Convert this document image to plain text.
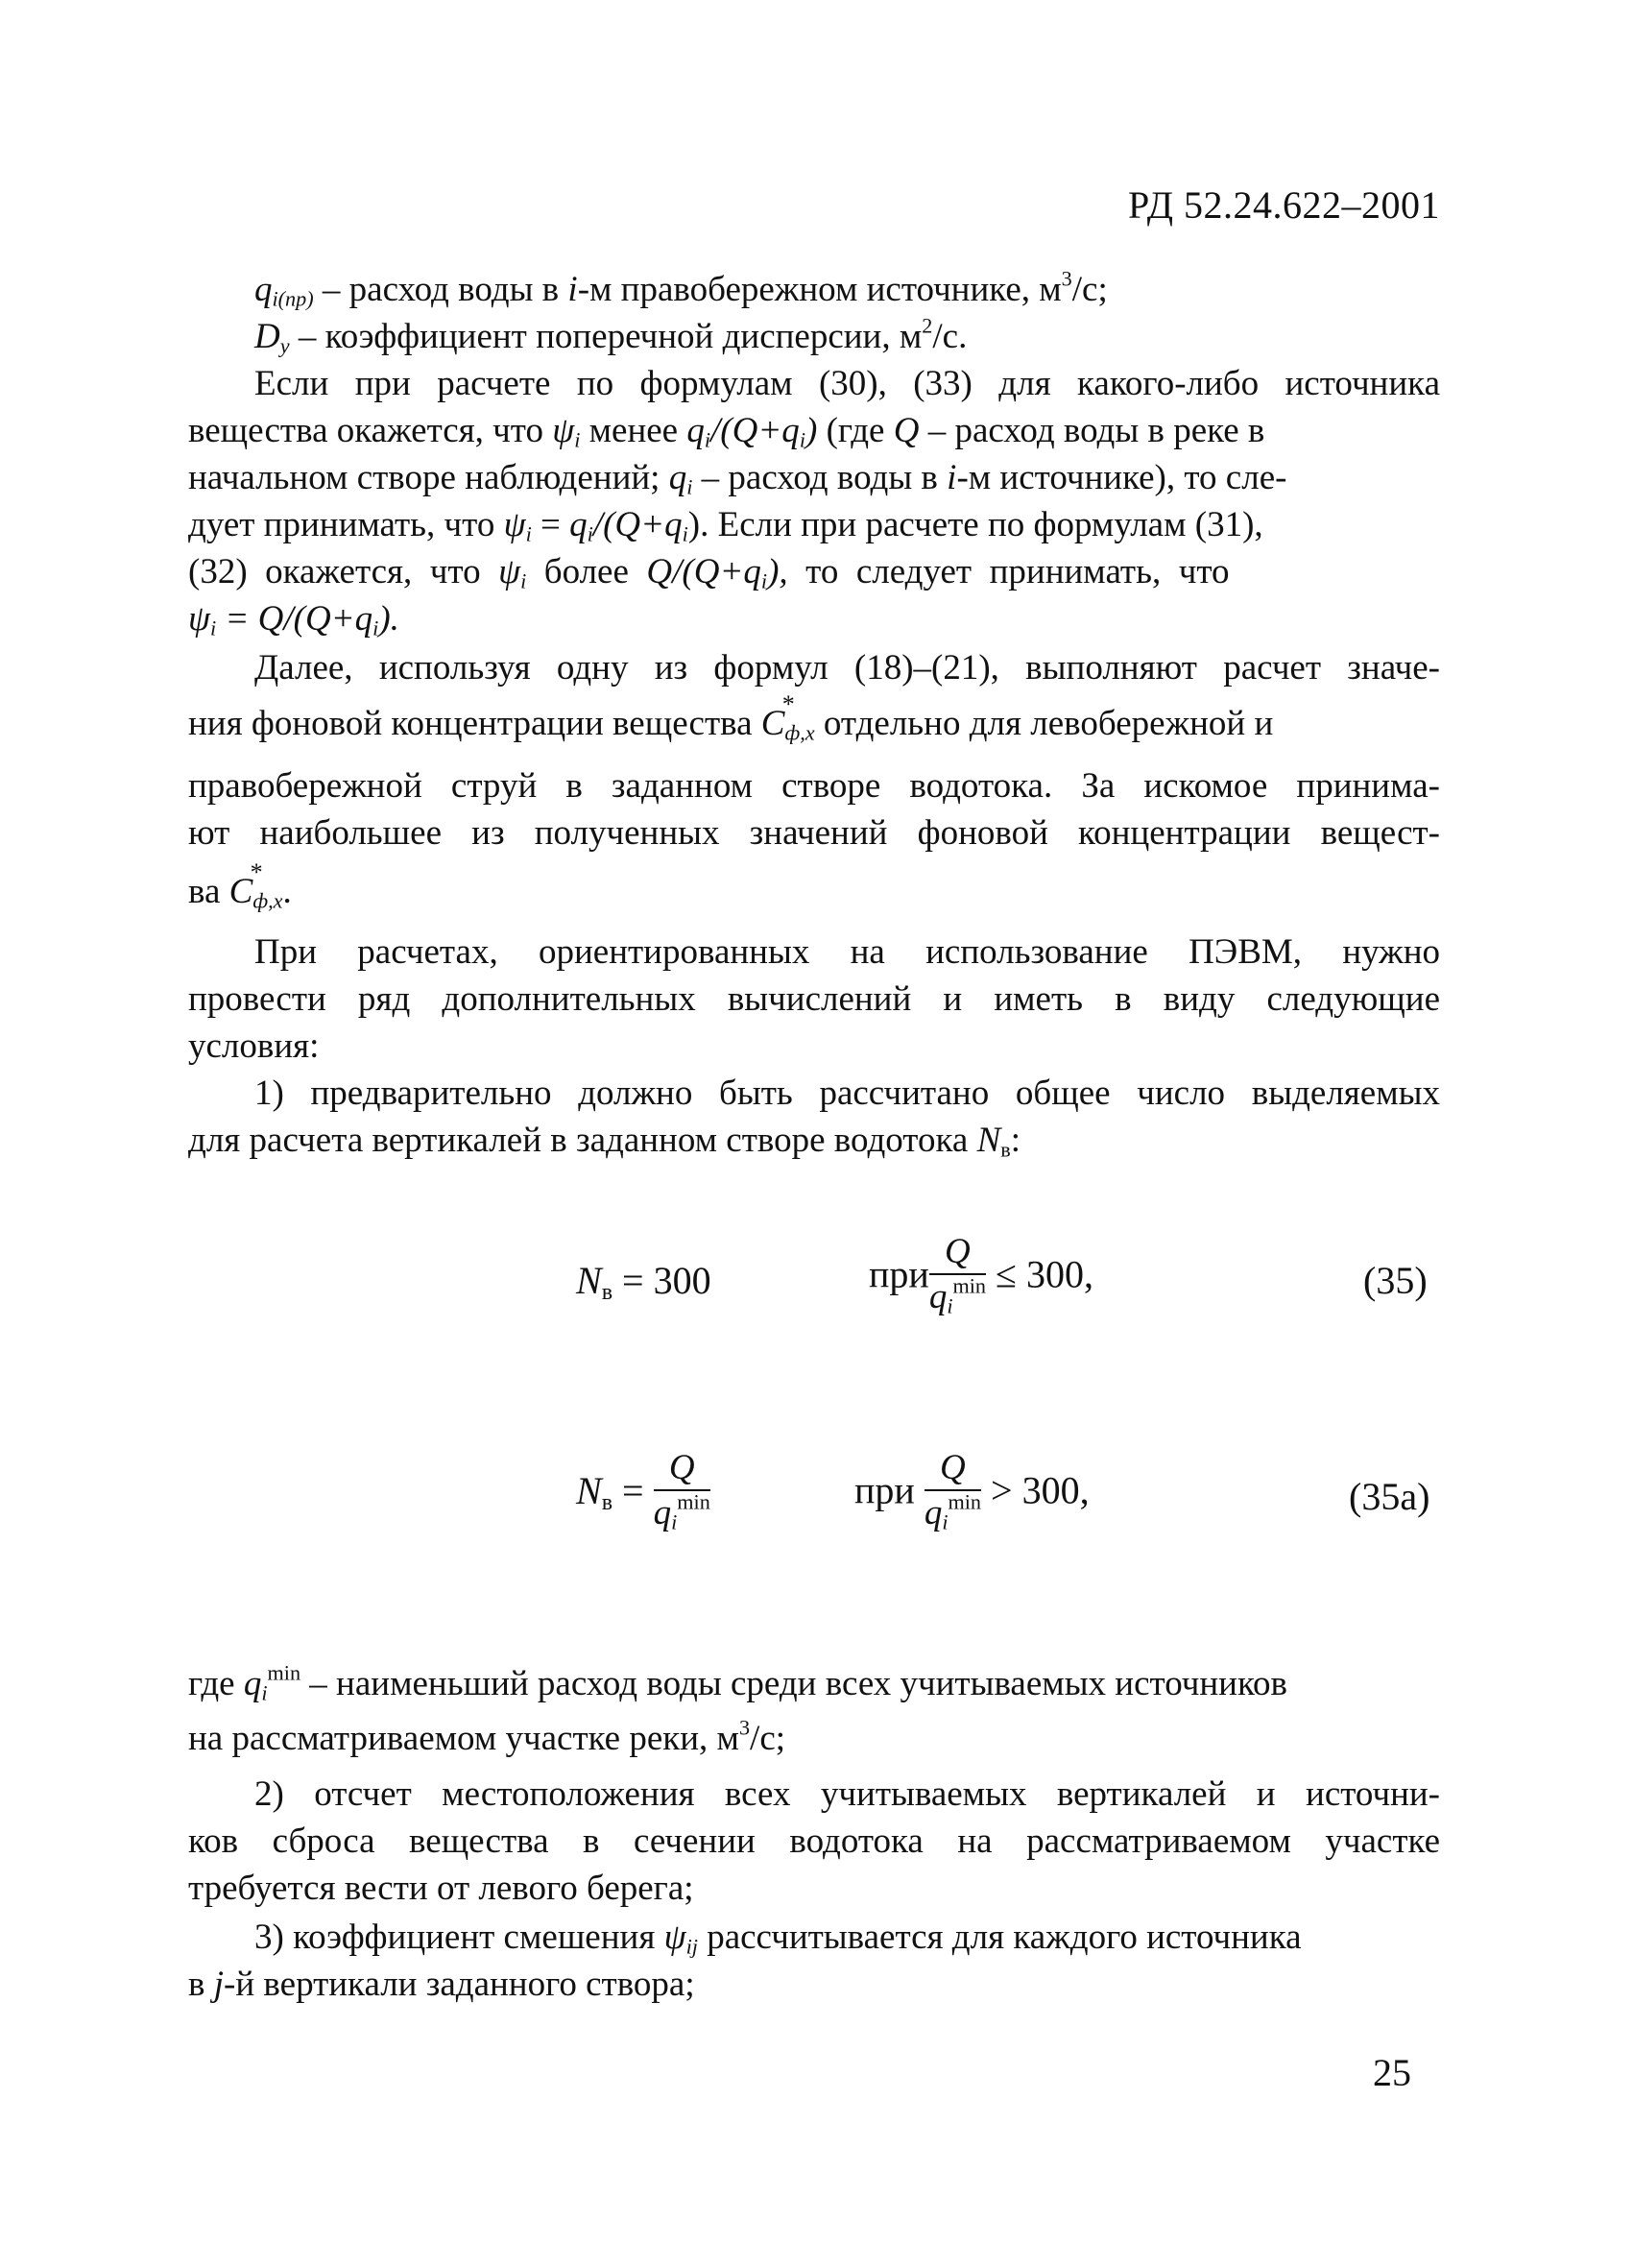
РД 52.24.622–2001
$q_{i(пр)}$ – расход воды в i-м правобережном источнике, $м^3/с$;
$D_y$ – коэффициент поперечной дисперсии, $м^2/с$.
Если при расчете по формулам (30), (33) для какого-либо источника
вещества окажется, что $\psi_i$ менее $q_i/(Q+q_i)$ (где Q – расход воды в реке в
начальном створе наблюдений; $q_i$ – расход воды в i-м источнике), то сле-
дует принимать, что $\psi_i = q_i/(Q+q_i)$. Если при расчете по формулам (31),
(32)  окажется,  что  $\psi_i$  более  $Q/(Q+q_i)$,  то  следует  принимать,  что
$\psi_i = Q/(Q+q_i)$.
Далее, используя одну из формул (18)–(21), выполняют расчет значе-
ния фоновой концентрации вещества C
*
$_{ф,x}$ отдельно для левобережной и
правобережной струй в заданном створе водотока. За искомое принима-
ют наибольшее из полученных значений фоновой концентрации вещест-
ва C
*
$_{ф,x}$.
При расчетах, ориентированных на использование ПЭВМ, нужно
провести ряд дополнительных вычислений и иметь в виду следующие
условия:
1) предварительно должно быть рассчитано общее число выделяемых
для расчета вертикалей в заданном створе водотока $N_в$:
$N_в = 300$	при $\frac{Q}{q_i^{min}} \le 300$,	(35)
$N_в = \frac{Q}{q_i^{min}}$	при $\frac{Q}{q_i^{min}} > 300$,	(35а)
где $q_i^{min}$ – наименьший расход воды среди всех учитываемых источников
на рассматриваемом участке реки, $м^3/с$;
2) отсчет местоположения всех учитываемых вертикалей и источни-
ков сброса вещества в сечении водотока на рассматриваемом участке
требуется вести от левого берега;
3) коэффициент смешения $\psi_{ij}$ рассчитывается для каждого источника
в j-й вертикали заданного створа;
25
